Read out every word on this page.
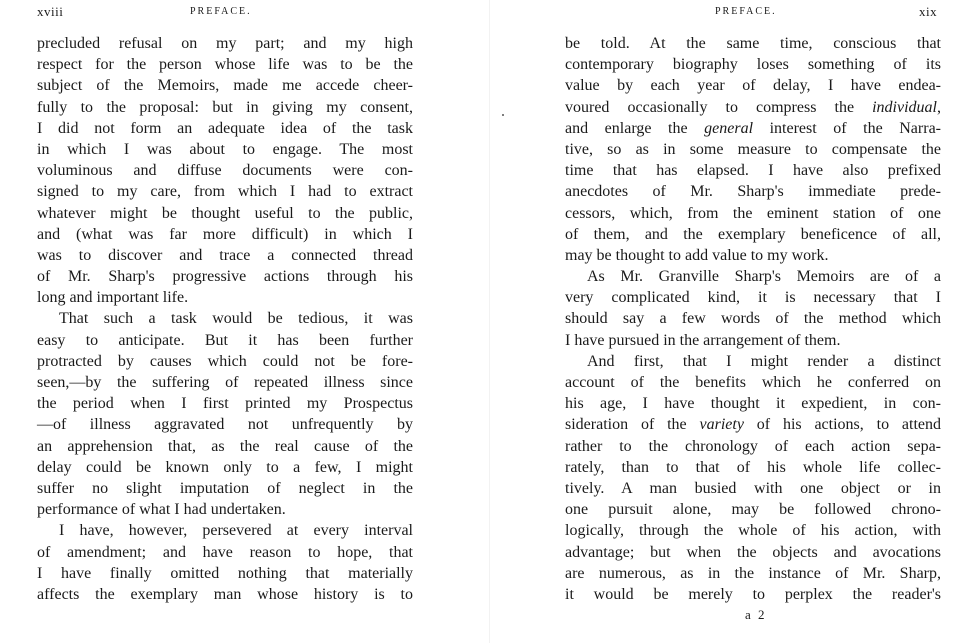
xviii	PREFACE.
precluded refusal on my part; and my high
respect for the person whose life was to be the
subject of the Memoirs, made me accede cheer-
fully to the proposal: but in giving my consent,
I did not form an adequate idea of the task
in which I was about to engage. The most
voluminous and diffuse documents were con-
signed to my care, from which I had to extract
whatever might be thought useful to the public,
and (what was far more difficult) in which I
was to discover and trace a connected thread
of Mr. Sharp's progressive actions through his
long and important life.
That such a task would be tedious, it was
easy to anticipate. But it has been further
protracted by causes which could not be fore-
seen,—by the suffering of repeated illness since
the period when I first printed my Prospectus
—of illness aggravated not unfrequently by
an apprehension that, as the real cause of the
delay could be known only to a few, I might
suffer no slight imputation of neglect in the
performance of what I had undertaken.
I have, however, persevered at every interval
of amendment; and have reason to hope, that
I have finally omitted nothing that materially
affects the exemplary man whose history is to
PREFACE.	xix
be told. At the same time, conscious that
contemporary biography loses something of its
value by each year of delay, I have endea-
voured occasionally to compress the individual,
and enlarge the general interest of the Narra-
tive, so as in some measure to compensate the
time that has elapsed. I have also prefixed
anecdotes of Mr. Sharp's immediate prede-
cessors, which, from the eminent station of one
of them, and the exemplary beneficence of all,
may be thought to add value to my work.
As Mr. Granville Sharp's Memoirs are of a
very complicated kind, it is necessary that I
should say a few words of the method which
I have pursued in the arrangement of them.
And first, that I might render a distinct
account of the benefits which he conferred on
his age, I have thought it expedient, in con-
sideration of the variety of his actions, to attend
rather to the chronology of each action sepa-
rately, than to that of his whole life collec-
tively. A man busied with one object or in
one pursuit alone, may be followed chrono-
logically, through the whole of his action, with
advantage; but when the objects and avocations
are numerous, as in the instance of Mr. Sharp,
it would be merely to perplex the reader's
a 2
